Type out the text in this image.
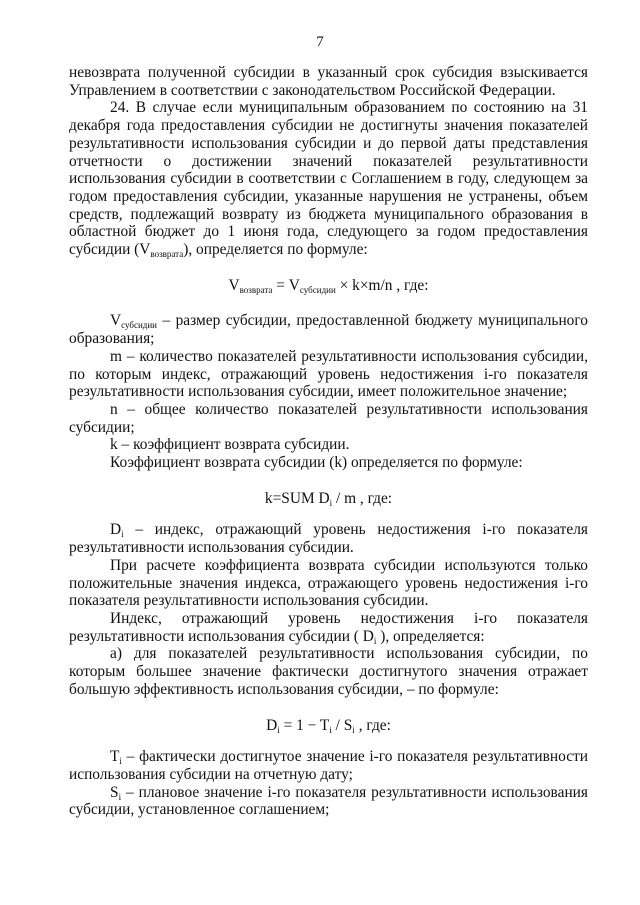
7

невозврата полученной субсидии в указанный срок субсидия взыскивается Управлением в соответствии с законодательством Российской Федерации.

24. В случае если муниципальным образованием по состоянию на 31 декабря года предоставления субсидии не достигнуты значения показателей результативности использования субсидии и до первой даты представления отчетности о достижении значений показателей результативности использования субсидии в соответствии с Соглашением в году, следующем за годом предоставления субсидии, указанные нарушения не устранены, объем средств, подлежащий возврату из бюджета муниципального образования в областной бюджет до 1 июня года, следующего за годом предоставления субсидии $(V_{возврата})$, определяется по формуле:

$V_{возврата} = V_{субсидии} \times k\times m/n$ , где:

$V_{субсидии}$ – размер субсидии, предоставленной бюджету муниципального образования;

m – количество показателей результативности использования субсидии, по которым индекс, отражающий уровень недостижения i-го показателя результативности использования субсидии, имеет положительное значение;

n – общее количество показателей результативности использования субсидии;

k – коэффициент возврата субсидии.

Коэффициент возврата субсидии (k) определяется по формуле:

k=SUM $D_i$ / m , где:

$D_i$ – индекс, отражающий уровень недостижения i-го показателя результативности использования субсидии.

При расчете коэффициента возврата субсидии используются только положительные значения индекса, отражающего уровень недостижения i-го показателя результативности использования субсидии.

Индекс, отражающий уровень недостижения i-го показателя результативности использования субсидии ( $D_i$ ), определяется:

а) для показателей результативности использования субсидии, по которым большее значение фактически достигнутого значения отражает большую эффективность использования субсидии, – по формуле:

$D_i = 1 - T_i / S_i$ , где:

$T_i$ – фактически достигнутое значение i-го показателя результативности использования субсидии на отчетную дату;

$S_i$ – плановое значение i-го показателя результативности использования субсидии, установленное соглашением;
